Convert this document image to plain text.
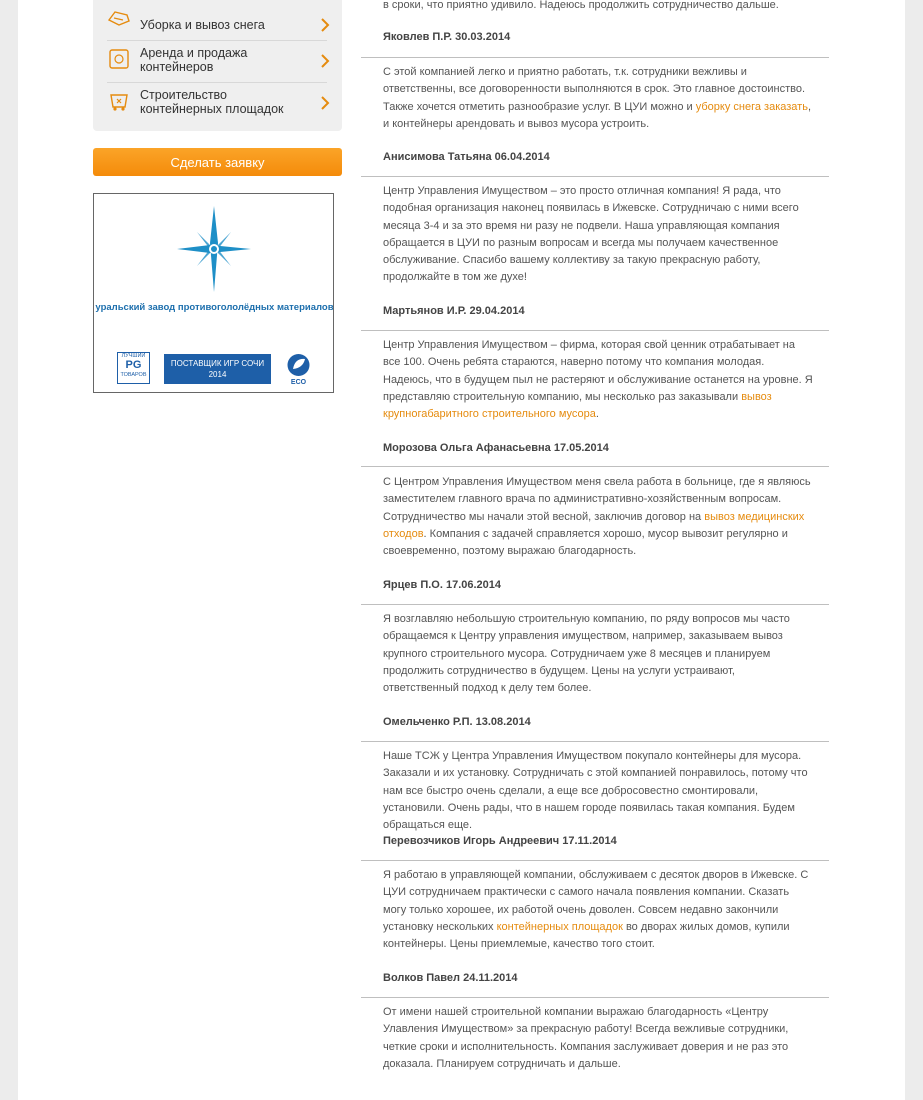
Уборка и вывоз снега
Аренда и продажа контейнеров
Строительство контейнерных площадок
Сделать заявку
уральский завод противогололёдных материалов
ЛУЧШИЙ
PG
ТОВАРОВ
ПОСТАВЩИК ИГР СОЧИ 2014
ECO
в сроки, что приятно удивило. Надеюсь продолжить сотрудничество дальше.
Яковлев П.Р. 30.03.2014

С этой компанией легко и приятно работать, т.к. сотрудники вежливы и ответственны, все договоренности выполняются в срок. Это главное достоинство. Также хочется отметить разнообразие услуг. В ЦУИ можно и уборку снега заказать, и контейнеры арендовать и вывоз мусора устроить.

Анисимова Татьяна 06.04.2014

Центр Управления Имуществом – это просто отличная компания! Я рада, что подобная организация наконец появилась в Ижевске. Сотрудничаю с ними всего месяца 3-4 и за это время ни разу не подвели. Наша управляющая компания обращается в ЦУИ по разным вопросам и всегда мы получаем качественное обслуживание. Спасибо вашему коллективу за такую прекрасную работу, продолжайте в том же духе!

Мартьянов И.Р. 29.04.2014

Центр Управления Имуществом – фирма, которая свой ценник отрабатывает на все 100. Очень ребята стараются, наверно потому что компания молодая. Надеюсь, что в будущем пыл не растеряют и обслуживание останется на уровне. Я представляю строительную компанию, мы несколько раз заказывали вывоз крупногабаритного строительного мусора.

Морозова Ольга Афанасьевна 17.05.2014

С Центром Управления Имуществом меня свела работа в больнице, где я являюсь заместителем главного врача по административно-хозяйственным вопросам. Сотрудничество мы начали этой весной, заключив договор на вывоз медицинских отходов. Компания с задачей справляется хорошо, мусор вывозит регулярно и своевременно, поэтому выражаю благодарность.

Ярцев П.О. 17.06.2014

Я возглавляю небольшую строительную компанию, по ряду вопросов мы часто обращаемся к Центру управления имуществом, например, заказываем вывоз крупного строительного мусора. Сотрудничаем уже 8 месяцев и планируем продолжить сотрудничество в будущем. Цены на услуги устраивают, ответственный подход к делу тем более.

Омельченко Р.П. 13.08.2014

Наше ТСЖ у Центра Управления Имуществом покупало контейнеры для мусора. Заказали и их установку. Сотрудничать с этой компанией понравилось, потому что нам все быстро очень сделали, а еще все добросовестно смонтировали, установили. Очень рады, что в нашем городе появилась такая компания. Будем обращаться еще.

Перевозчиков Игорь Андреевич 17.11.2014

Я работаю в управляющей компании, обслуживаем с десяток дворов в Ижевске. С ЦУИ сотрудничаем практически с самого начала появления компании. Сказать могу только хорошее, их работой очень доволен. Совсем недавно закончили установку нескольких контейнерных площадок во дворах жилых домов, купили контейнеры. Цены приемлемые, качество того стоит.

Волков Павел 24.11.2014

От имени нашей строительной компании выражаю благодарность «Центру Улавления Имуществом» за прекрасную работу! Всегда вежливые сотрудники, четкие сроки и исполнительность. Компания заслуживает доверия и не раз это доказала. Планируем сотрудничать и дальше.
